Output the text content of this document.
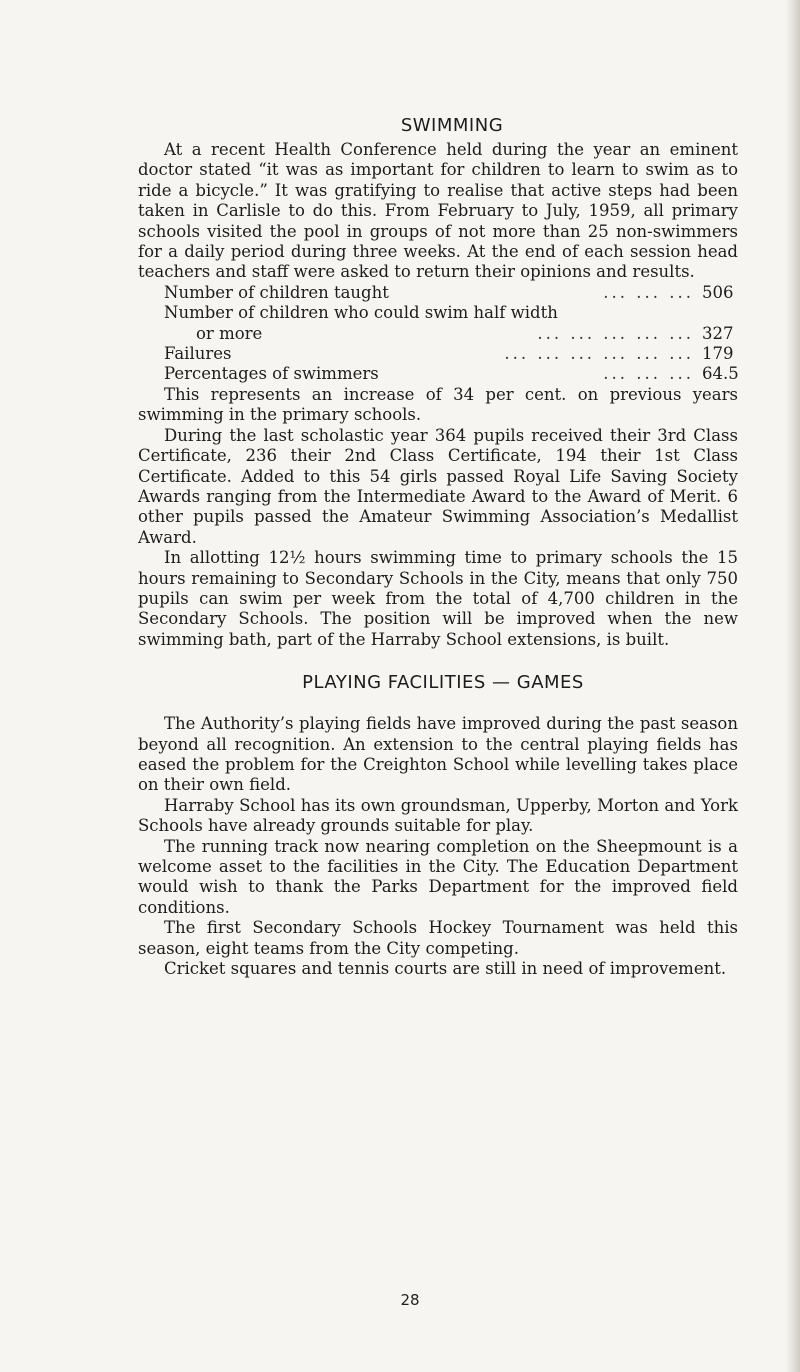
SWIMMING

At a recent Health Conference held during the year an eminent doctor stated “it was as important for children to learn to swim as to ride a bicycle.” It was gratifying to realise that active steps had been taken in Carlisle to do this. From February to July, 1959, all primary schools visited the pool in groups of not more than 25 non-swimmers for a daily period during three weeks. At the end of each session head teachers and staff were asked to return their opinions and results.

Number of children taught	... ... ... 506
Number of children who could swim half width
or more	... ... ... ... ... 327
Failures	... ... ... ... ... ... 179
Percentages of swimmers	... ... ... 64.5

This represents an increase of 34 per cent. on previous years swimming in the primary schools.

During the last scholastic year 364 pupils received their 3rd Class Certificate, 236 their 2nd Class Certificate, 194 their 1st Class Certificate. Added to this 54 girls passed Royal Life Saving Society Awards ranging from the Intermediate Award to the Award of Merit. 6 other pupils passed the Amateur Swimming Association’s Medallist Award.

In allotting 12½ hours swimming time to primary schools the 15 hours remaining to Secondary Schools in the City, means that only 750 pupils can swim per week from the total of 4,700 children in the Secondary Schools. The position will be improved when the new swimming bath, part of the Harraby School extensions, is built.

PLAYING FACILITIES — GAMES

The Authority’s playing fields have improved during the past season beyond all recognition. An extension to the central playing fields has eased the problem for the Creighton School while levelling takes place on their own field.

Harraby School has its own groundsman, Upperby, Morton and York Schools have already grounds suitable for play.

The running track now nearing completion on the Sheepmount is a welcome asset to the facilities in the City. The Education Department would wish to thank the Parks Department for the improved field conditions.

The first Secondary Schools Hockey Tournament was held this season, eight teams from the City competing.

Cricket squares and tennis courts are still in need of improvement.

28
